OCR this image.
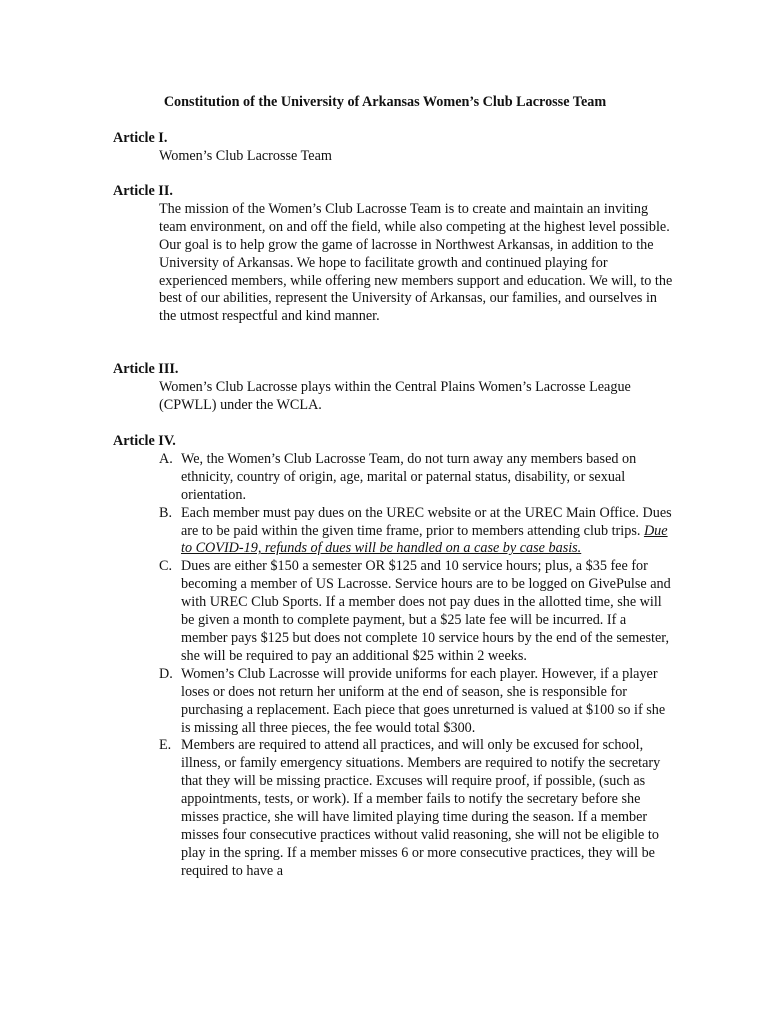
Constitution of the University of Arkansas Women’s Club Lacrosse Team
Article I.
Women’s Club Lacrosse Team
Article II.
The mission of the Women’s Club Lacrosse Team is to create and maintain an inviting team environment, on and off the field, while also competing at the highest level possible. Our goal is to help grow the game of lacrosse in Northwest Arkansas, in addition to the University of Arkansas. We hope to facilitate growth and continued playing for experienced members, while offering new members support and education. We will, to the best of our abilities, represent the University of Arkansas, our families, and ourselves in the utmost respectful and kind manner.
Article III.
Women’s Club Lacrosse plays within the Central Plains Women’s Lacrosse League (CPWLL) under the WCLA.
Article IV.
A. We, the Women’s Club Lacrosse Team, do not turn away any members based on ethnicity, country of origin, age, marital or paternal status, disability, or sexual orientation.
B. Each member must pay dues on the UREC website or at the UREC Main Office. Dues are to be paid within the given time frame, prior to members attending club trips. Due to COVID-19, refunds of dues will be handled on a case by case basis.
C. Dues are either $150 a semester OR $125 and 10 service hours; plus, a $35 fee for becoming a member of US Lacrosse. Service hours are to be logged on GivePulse and with UREC Club Sports. If a member does not pay dues in the allotted time, she will be given a month to complete payment, but a $25 late fee will be incurred. If a member pays $125 but does not complete 10 service hours by the end of the semester, she will be required to pay an additional $25 within 2 weeks.
D. Women’s Club Lacrosse will provide uniforms for each player. However, if a player loses or does not return her uniform at the end of season, she is responsible for purchasing a replacement. Each piece that goes unreturned is valued at $100 so if she is missing all three pieces, the fee would total $300.
E. Members are required to attend all practices, and will only be excused for school, illness, or family emergency situations. Members are required to notify the secretary that they will be missing practice. Excuses will require proof, if possible, (such as appointments, tests, or work). If a member fails to notify the secretary before she misses practice, she will have limited playing time during the season. If a member misses four consecutive practices without valid reasoning, she will not be eligible to play in the spring. If a member misses 6 or more consecutive practices, they will be required to have a
